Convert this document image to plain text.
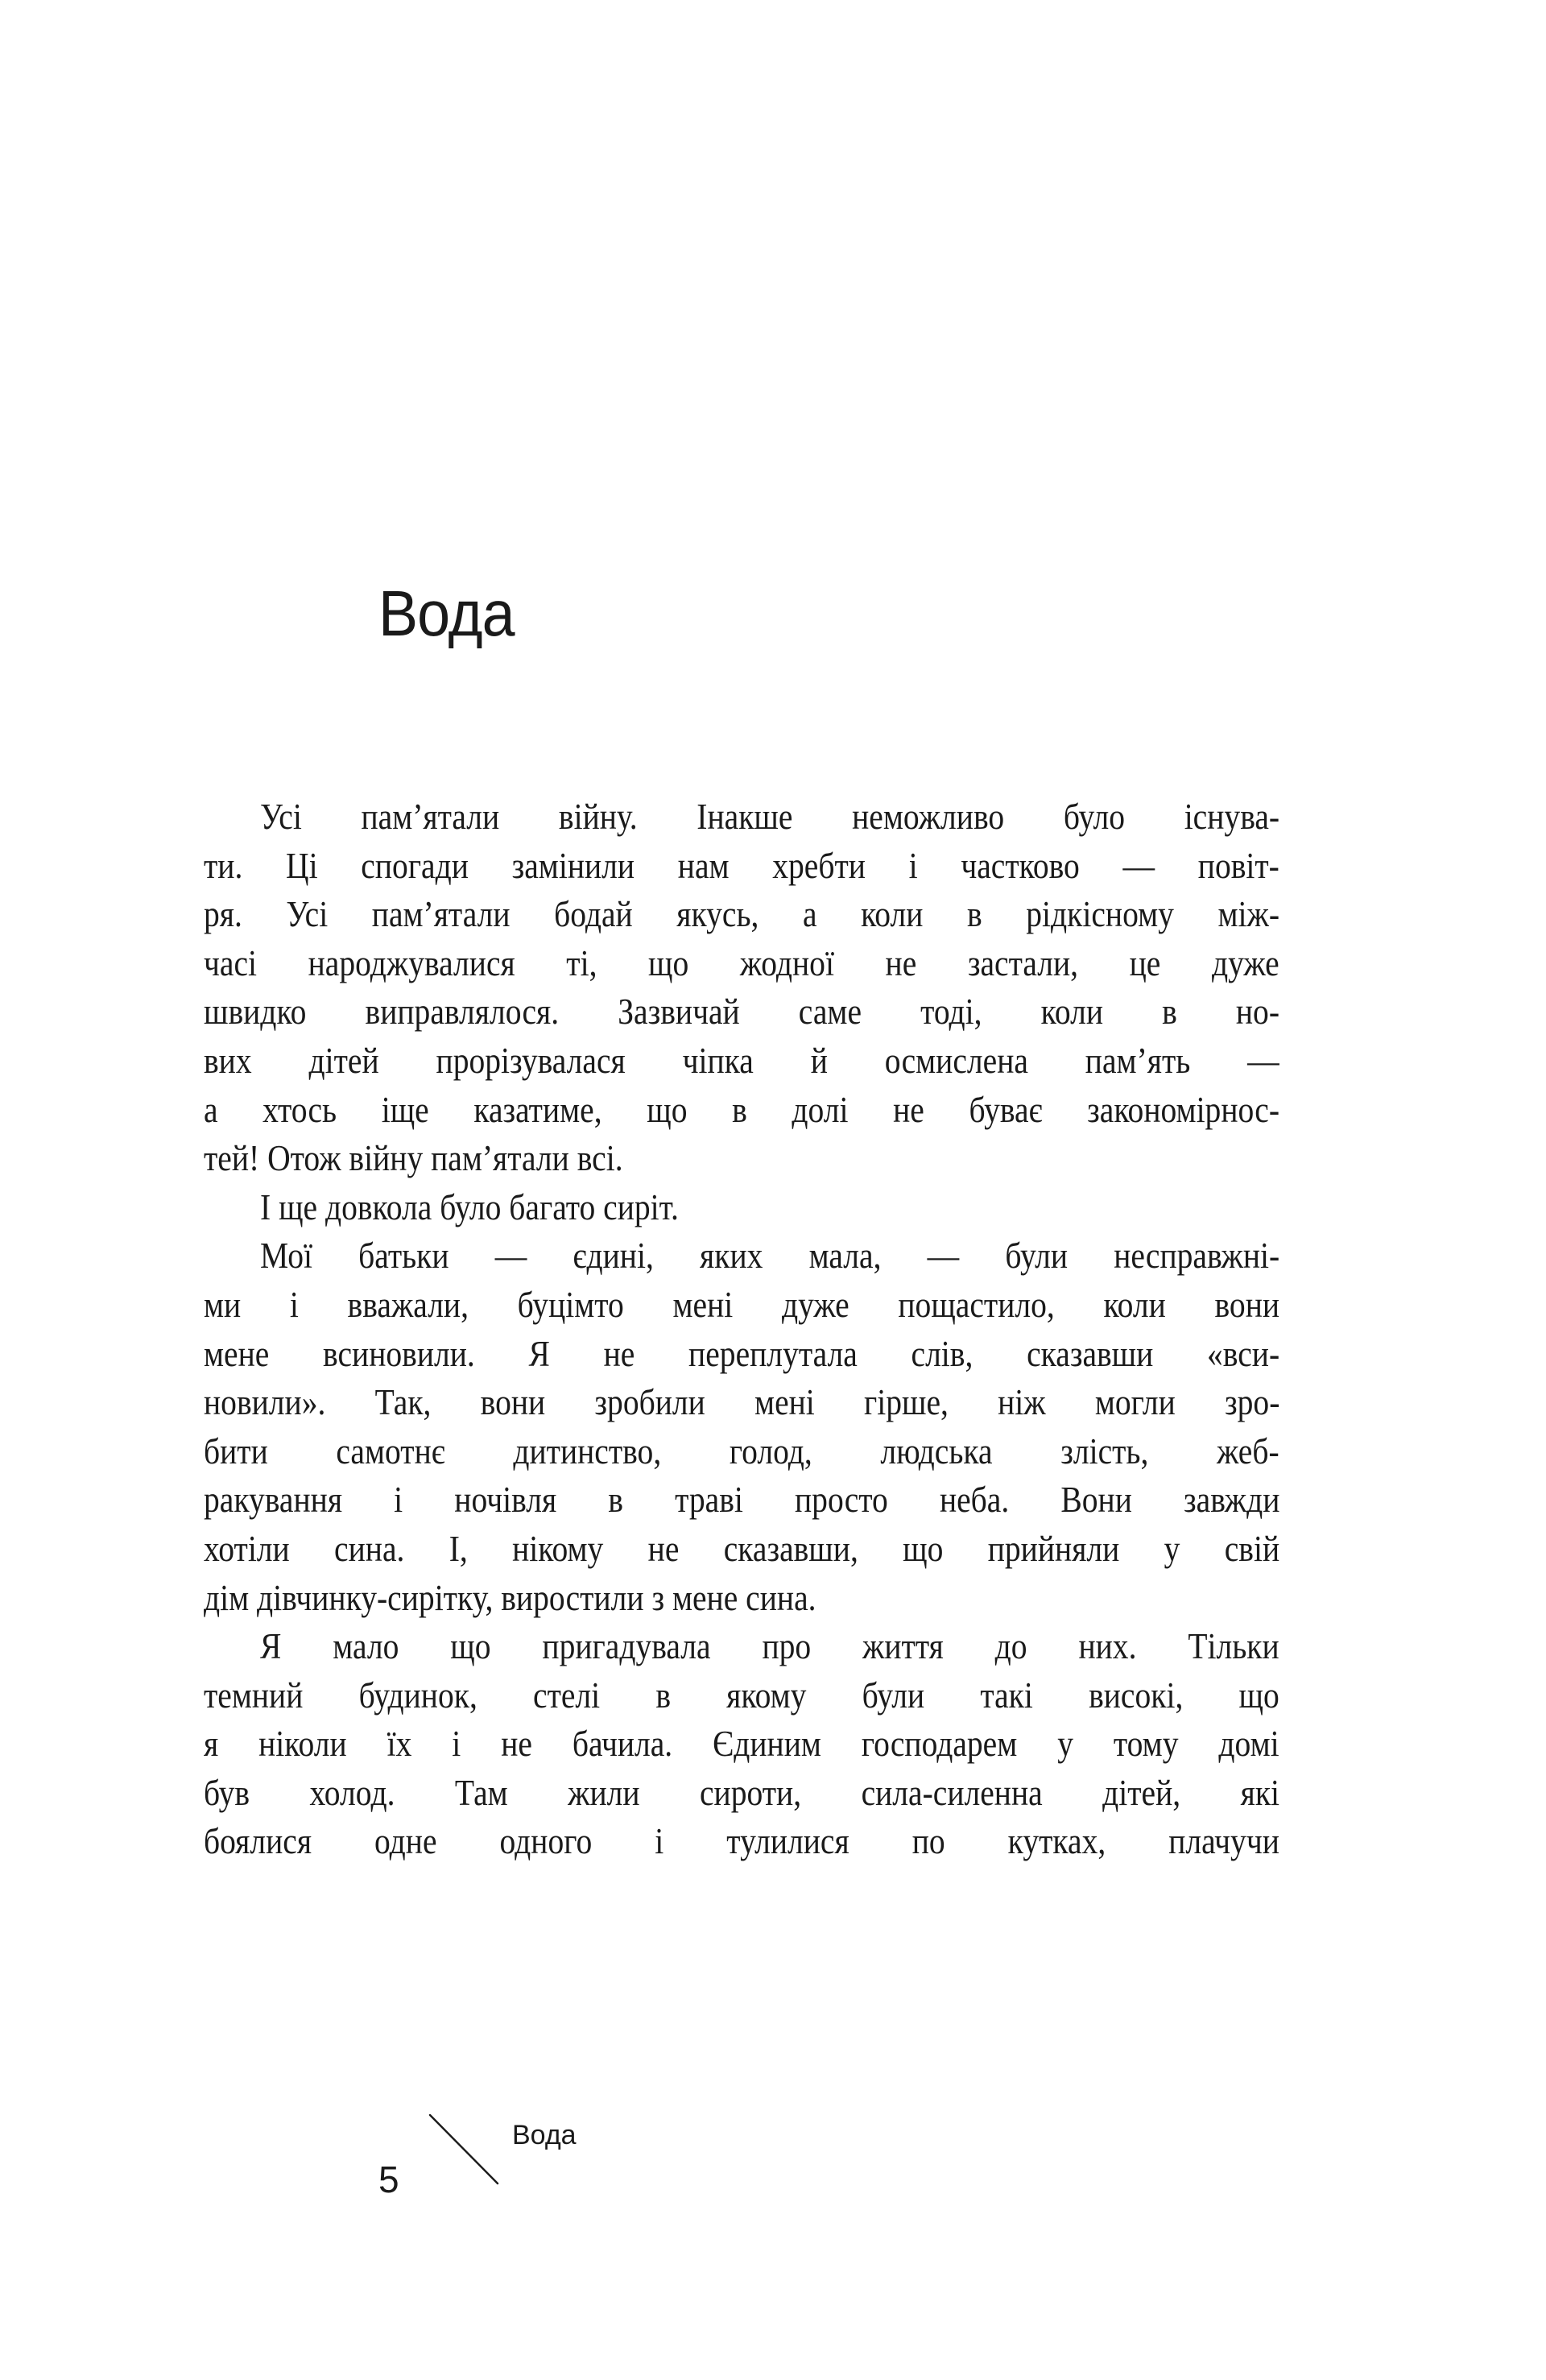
Вода
Усі пам’ятали війну. Інакше неможливо було існува-
ти. Ці спогади замінили нам хребти і частково — повіт-
ря. Усі пам’ятали бодай якусь, а коли в рідкісному між-
часі народжувалися ті, що жодної не застали, це дуже
швидко виправлялося. Зазвичай саме тоді, коли в но-
вих дітей прорізувалася чіпка й осмислена пам’ять —
а хтось іще казатиме, що в долі не буває закономірнос-
тей! Отож війну пам’ятали всі.
І ще довкола було багато сиріт.
Мої батьки — єдині, яких мала, — були несправжні-
ми і вважали, буцімто мені дуже пощастило, коли вони
мене всиновили. Я не переплутала слів, сказавши «вси-
новили». Так, вони зробили мені гірше, ніж могли зро-
бити самотнє дитинство, голод, людська злість, жеб-
ракування і ночівля в траві просто неба. Вони завжди
хотіли сина. І, нікому не сказавши, що прийняли у свій
дім дівчинку-сирітку, виростили з мене сина.
Я мало що пригадувала про життя до них. Тільки
темний будинок, стелі в якому були такі високі, що
я ніколи їх і не бачила. Єдиним господарем у тому домі
був холод. Там жили сироти, сила-силенна дітей, які
боялися одне одного і тулилися по кутках, плачучи
5
Вода
